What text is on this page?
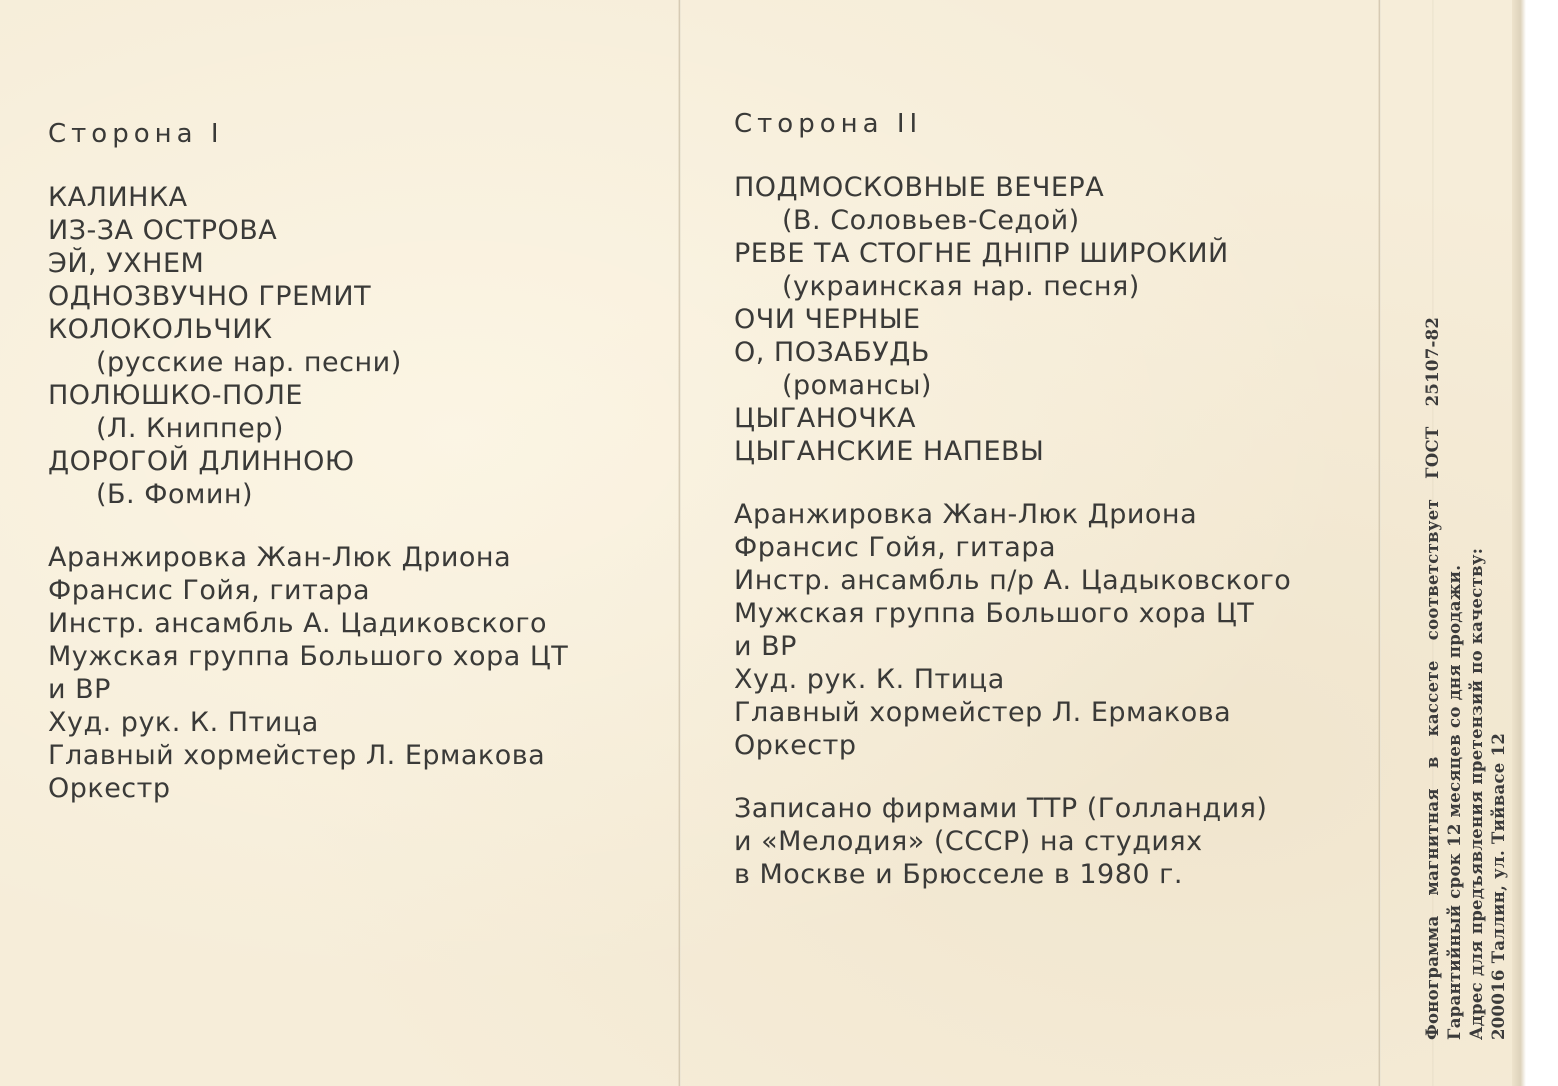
Сторона I
КАЛИНКА
ИЗ-ЗА ОСТРОВА
ЭЙ, УХНЕМ
ОДНОЗВУЧНО ГРЕМИТ
КОЛОКОЛЬЧИК
(русские нар. песни)
ПОЛЮШКО-ПОЛЕ
(Л. Книппер)
ДОРОГОЙ ДЛИННОЮ
(Б. Фомин)
Аранжировка Жан-Люк Дриона
Франсис Гойя, гитара
Инстр. ансамбль А. Цадиковского
Мужская группа Большого хора ЦТ
и ВР
Худ. рук. К. Птица
Главный хормейстер Л. Ермакова
Оркестр
Сторона II
ПОДМОСКОВНЫЕ ВЕЧЕРА
(В. Соловьев-Седой)
РЕВЕ ТА СТОГНЕ ДНІПР ШИРОКИЙ
(украинская нар. песня)
ОЧИ ЧЕРНЫЕ
О, ПОЗАБУДЬ
(романсы)
ЦЫГАНОЧКА
ЦЫГАНСКИЕ НАПЕВЫ
Аранжировка Жан-Люк Дриона
Франсис Гойя, гитара
Инстр. ансамбль п/р А. Цадыковского
Мужская группа Большого хора ЦТ
и ВР
Худ. рук. К. Птица
Главный хормейстер Л. Ермакова
Оркестр
Записано фирмами ТТР (Голландия)
и «Мелодия» (СССР) на студиях
в Москве и Брюсселе в 1980 г.	Фонограмма магнитная в кассете соответствует ГОСТ 25107-82 Гарантийный срок 12 месяцев со дня продажи. Адрес для предъявления претензий по качеству: 200016 Таллин, ул. Тийвасе 12
